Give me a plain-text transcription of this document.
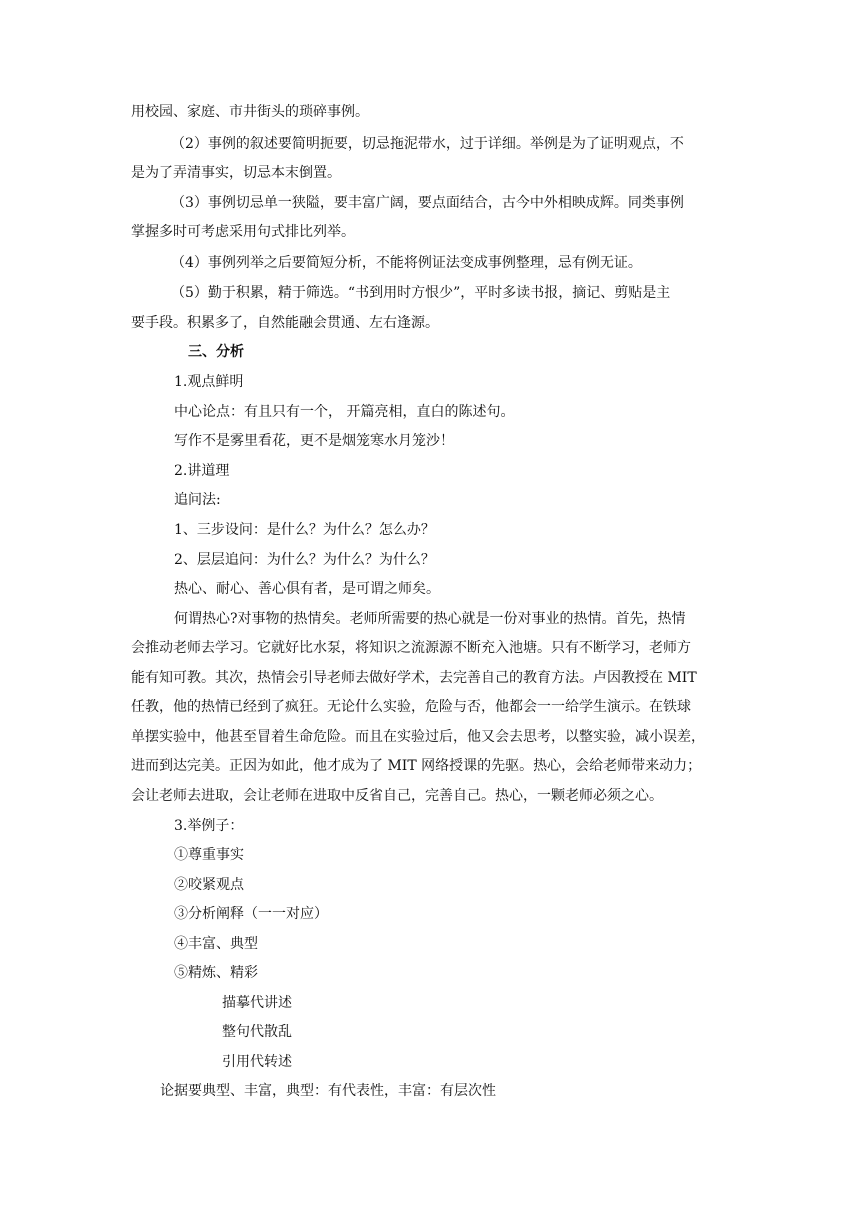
用校园、家庭、市井街头的琐碎事例。
（2）事例的叙述要简明扼要，切忌拖泥带水，过于详细。举例是为了证明观点，不
是为了弄清事实，切忌本末倒置。
（3）事例切忌单一狭隘，要丰富广阔，要点面结合，古今中外相映成辉。同类事例
掌握多时可考虑采用句式排比列举。
（4）事例列举之后要简短分析，不能将例证法变成事例整理，忌有例无证。
（5）勤于积累，精于筛选。“书到用时方恨少”，平时多读书报，摘记、剪贴是主
要手段。积累多了，自然能融会贯通、左右逢源。
三、分析
1.观点鲜明
中心论点：有且只有一个， 开篇亮相，直白的陈述句。
写作不是雾里看花，更不是烟笼寒水月笼沙！
2.讲道理
追问法:
1、三步设问：是什么？为什么？怎么办？
2、层层追问：为什么？为什么？为什么？
热心、耐心、善心俱有者，是可谓之师矣。
何谓热心?对事物的热情矣。老师所需要的热心就是一份对事业的热情。首先，热情
会推动老师去学习。它就好比水泵，将知识之流源源不断充入池塘。只有不断学习，老师方
能有知可教。其次，热情会引导老师去做好学术，去完善自己的教育方法。卢因教授在 MIT
任教，他的热情已经到了疯狂。无论什么实验，危险与否，他都会一一给学生演示。在铁球
单摆实验中，他甚至冒着生命危险。而且在实验过后，他又会去思考，以整实验，减小误差，
进而到达完美。正因为如此，他才成为了 MIT 网络授课的先驱。热心，会给老师带来动力；
会让老师去进取，会让老师在进取中反省自己，完善自己。热心，一颗老师必须之心。
3.举例子：
①尊重事实
②咬紧观点
③分析阐释（一一对应）
④丰富、典型
⑤精炼、精彩
描摹代讲述
整句代散乱
引用代转述
论据要典型、丰富，典型：有代表性，丰富：有层次性
